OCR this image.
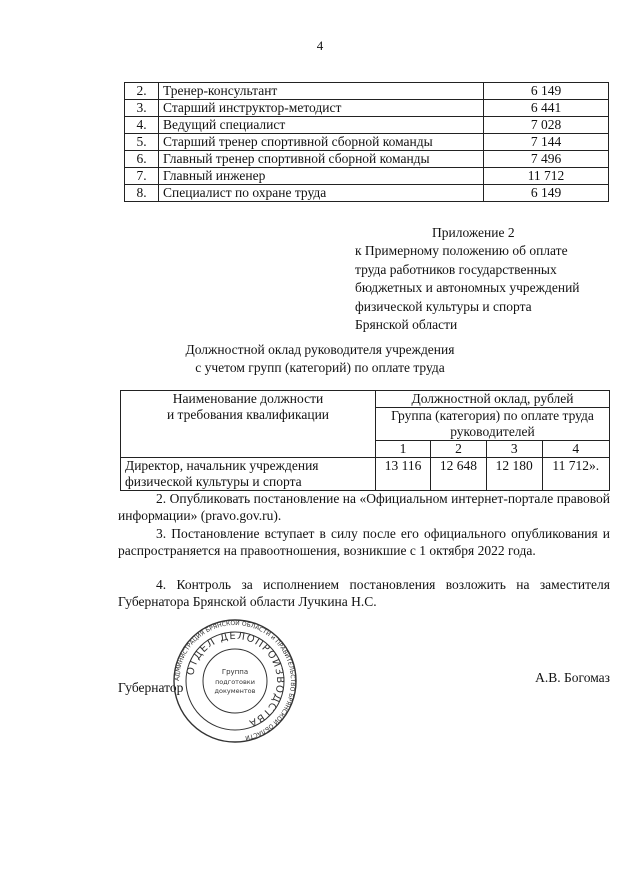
4
2.	Тренер-консультант	6 149
3.	Старший инструктор-методист	6 441
4.	Ведущий специалист	7 028
5.	Старший тренер спортивной сборной команды	7 144
6.	Главный тренер спортивной сборной команды	7 496
7.	Главный инженер	11 712
8.	Специалист по охране труда	6 149
Приложение 2
к Примерному положению об оплате
труда работников государственных
бюджетных и автономных учреждений
физической культуры и спорта
Брянской области
Должностной оклад руководителя учреждения
с учетом групп (категорий) по оплате труда
Наименование должности
и требования квалификации	Должностной оклад, рублей			

	Группа (категория) по оплате труда
руководителей			

	1	2	3	4

Директор, начальник учреждения
физической культуры и спорта	13 116	12 648	12 180	11 712».
2. Опубликовать постановление на «Официальном интернет-портале правовой информации» (pravo.gov.ru).
3. Постановление вступает в силу после его официального опубликования и распространяется на правоотношения, возникшие с 1 октября 2022 года.
4. Контроль за исполнением постановления возложить на заместителя Губернатора Брянской области Лучкина Н.С.
Губернатор
А.В. Богомаз
АДМИНИСТРАЦИЯ БРЯНСКОЙ ОБЛАСТИ и ПРАВИТЕЛЬСТВО БРЯНСКОЙ ОБЛАСТИ
ОТДЕЛ ДЕЛОПРОИЗВОДСТВА
Группа
подготовки
документов
